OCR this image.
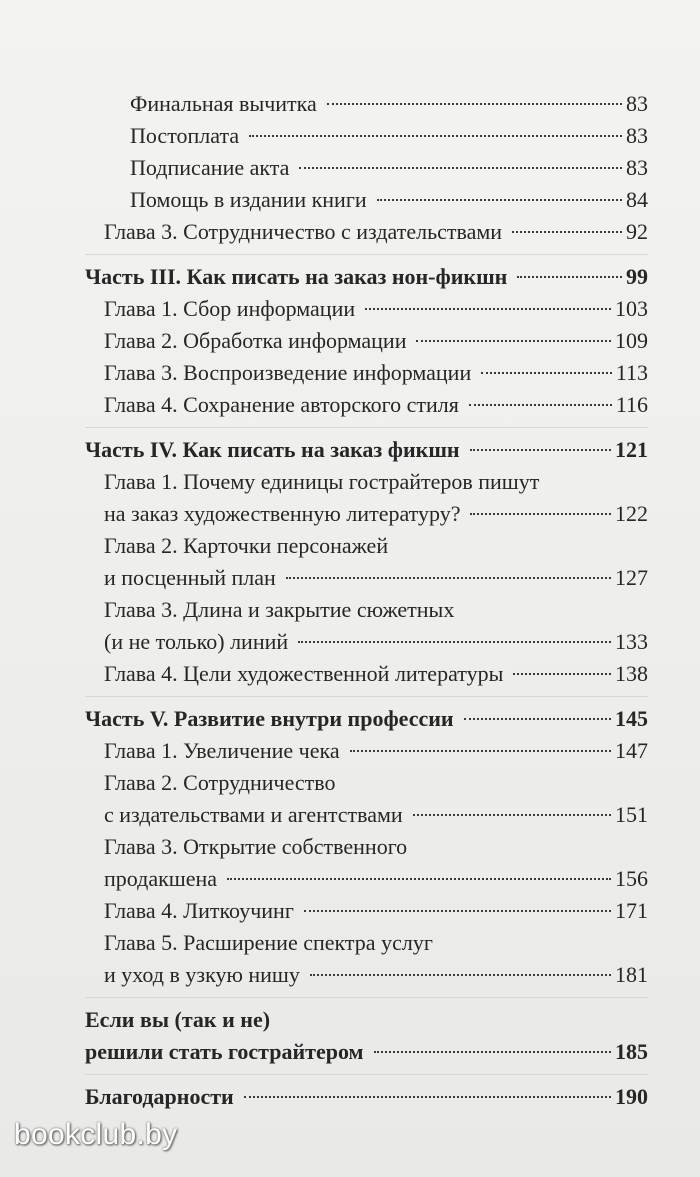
Финальная вычитка	83
Постоплата	83
Подписание акта	83
Помощь в издании книги	84
Глава 3. Сотрудничество с издательствами	92
Часть III. Как писать на заказ нон-фикшн	99
Глава 1. Сбор информации	103
Глава 2. Обработка информации	109
Глава 3. Воспроизведение информации	113
Глава 4. Сохранение авторского стиля	116
Часть IV. Как писать на заказ фикшн	121
Глава 1. Почему единицы гострайтеров пишут
на заказ художественную литературу?	122
Глава 2. Карточки персонажей
и посценный план	127
Глава 3. Длина и закрытие сюжетных
(и не только) линий	133
Глава 4. Цели художественной литературы	138
Часть V. Развитие внутри профессии	145
Глава 1. Увеличение чека	147
Глава 2. Сотрудничество
с издательствами и агентствами	151
Глава 3. Открытие собственного
продакшена	156
Глава 4. Литкоучинг	171
Глава 5. Расширение спектра услуг
и уход в узкую нишу	181
Если вы (так и не)
решили стать гострайтером	185
Благодарности	190
bookclub.by
